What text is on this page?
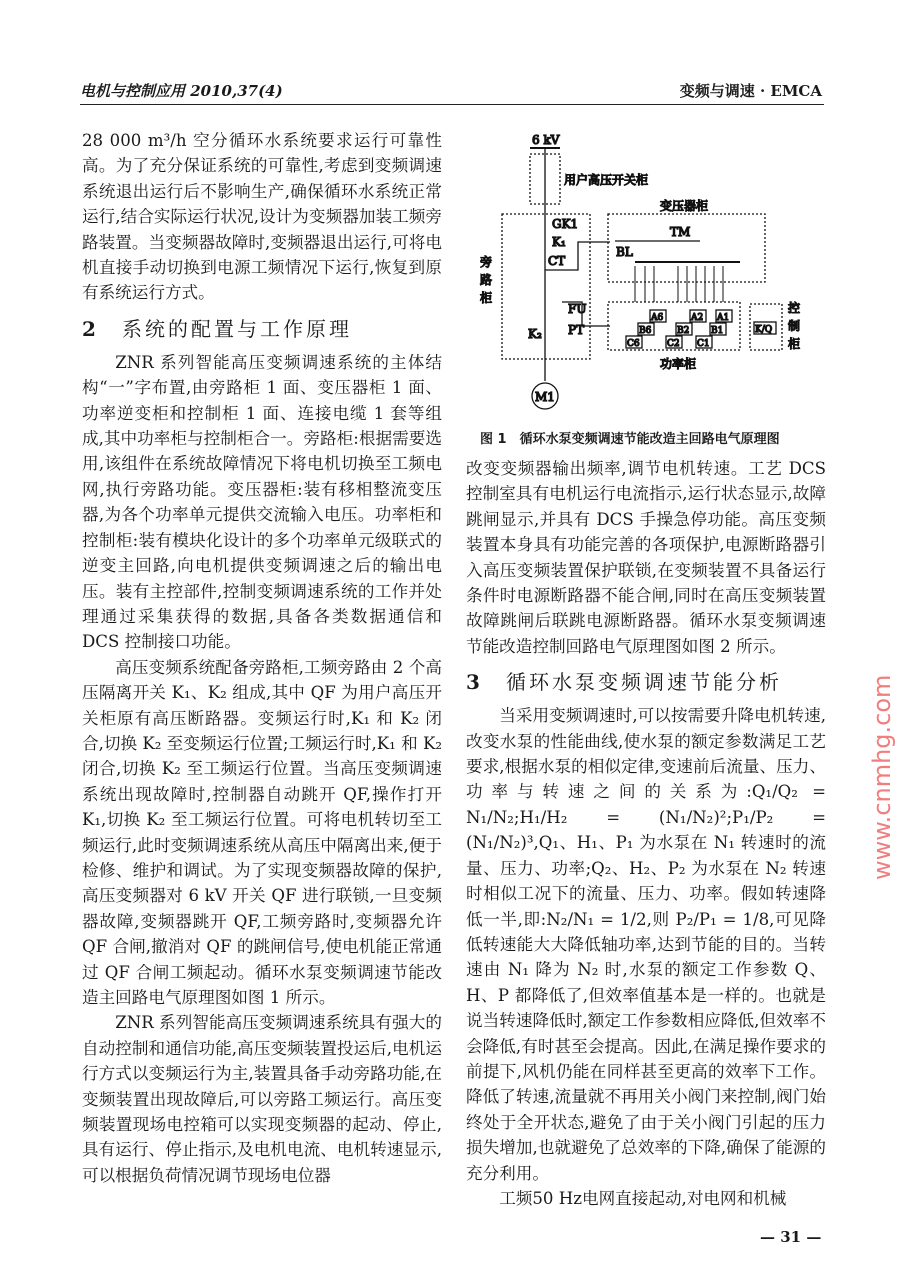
电机与控制应用 2010,37(4)	变频与调速 · EMCA

28 000 m³/h 空分循环水系统要求运行可靠性高。为了充分保证系统的可靠性,考虑到变频调速系统退出运行后不影响生产,确保循环水系统正常运行,结合实际运行状况,设计为变频器加装工频旁路装置。当变频器故障时,变频器退出运行,可将电机直接手动切换到电源工频情况下运行,恢复到原有系统运行方式。

2 系统的配置与工作原理

ZNR 系列智能高压变频调速系统的主体结构“一”字布置,由旁路柜 1 面、变压器柜 1 面、功率逆变柜和控制柜 1 面、连接电缆 1 套等组成,其中功率柜与控制柜合一。旁路柜:根据需要选用,该组件在系统故障情况下将电机切换至工频电网,执行旁路功能。变压器柜:装有移相整流变压器,为各个功率单元提供交流输入电压。功率柜和控制柜:装有模块化设计的多个功率单元级联式的逆变主回路,向电机提供变频调速之后的输出电压。装有主控部件,控制变频调速系统的工作并处理通过采集获得的数据,具备各类数据通信和 DCS 控制接口功能。

高压变频系统配备旁路柜,工频旁路由 2 个高压隔离开关 K₁、K₂ 组成,其中 QF 为用户高压开关柜原有高压断路器。变频运行时,K₁ 和 K₂ 闭合,切换 K₂ 至变频运行位置;工频运行时,K₁ 和 K₂ 闭合,切换 K₂ 至工频运行位置。当高压变频调速系统出现故障时,控制器自动跳开 QF,操作打开 K₁,切换 K₂ 至工频运行位置。可将电机转切至工频运行,此时变频调速系统从高压中隔离出来,便于检修、维护和调试。为了实现变频器故障的保护,高压变频器对 6 kV 开关 QF 进行联锁,一旦变频器故障,变频器跳开 QF,工频旁路时,变频器允许 QF 合闸,撤消对 QF 的跳闸信号,使电机能正常通过 QF 合闸工频起动。循环水泵变频调速节能改造主回路电气原理图如图 1 所示。

ZNR 系列智能高压变频调速系统具有强大的自动控制和通信功能,高压变频装置投运后,电机运行方式以变频运行为主,装置具备手动旁路功能,在变频装置出现故障后,可以旁路工频运行。高压变频装置现场电控箱可以实现变频器的起动、停止,具有运行、停止指示,及电机电流、电机转速显示,可以根据负荷情况调节现场电位器

6 kV
用户高压开关柜
旁
路
柜
GK1
K₁
CT
K₂
FU
PT
变压器柜
TM
BL
功率柜
A6
B6
C6
A2
B2
C2
A1
B1
C1
K/Q
控
制
柜
M1
图 1　循环水泵变频调速节能改造主回路电气原理图

改变变频器输出频率,调节电机转速。工艺 DCS 控制室具有电机运行电流指示,运行状态显示,故障跳闸显示,并具有 DCS 手操急停功能。高压变频装置本身具有功能完善的各项保护,电源断路器引入高压变频装置保护联锁,在变频装置不具备运行条件时电源断路器不能合闸,同时在高压变频装置故障跳闸后联跳电源断路器。循环水泵变频调速节能改造控制回路电气原理图如图 2 所示。

3 循环水泵变频调速节能分析

当采用变频调速时,可以按需要升降电机转速,改变水泵的性能曲线,使水泵的额定参数满足工艺要求,根据水泵的相似定律,变速前后流量、压力、功率与转速之间的关系为:Q₁/Q₂ = N₁/N₂;H₁/H₂ = (N₁/N₂)²;P₁/P₂ = (N₁/N₂)³,Q₁、H₁、P₁ 为水泵在 N₁ 转速时的流量、压力、功率;Q₂、H₂、P₂ 为水泵在 N₂ 转速时相似工况下的流量、压力、功率。假如转速降低一半,即:N₂/N₁ = 1/2,则 P₂/P₁ = 1/8,可见降低转速能大大降低轴功率,达到节能的目的。当转速由 N₁ 降为 N₂ 时,水泵的额定工作参数 Q、H、P 都降低了,但效率值基本是一样的。也就是说当转速降低时,额定工作参数相应降低,但效率不会降低,有时甚至会提高。因此,在满足操作要求的前提下,风机仍能在同样甚至更高的效率下工作。降低了转速,流量就不再用关小阀门来控制,阀门始终处于全开状态,避免了由于关小阀门引起的压力损失增加,也就避免了总效率的下降,确保了能源的充分利用。

工频50 Hz电网直接起动,对电网和机械

— 31 —
www.cnmhg.com
